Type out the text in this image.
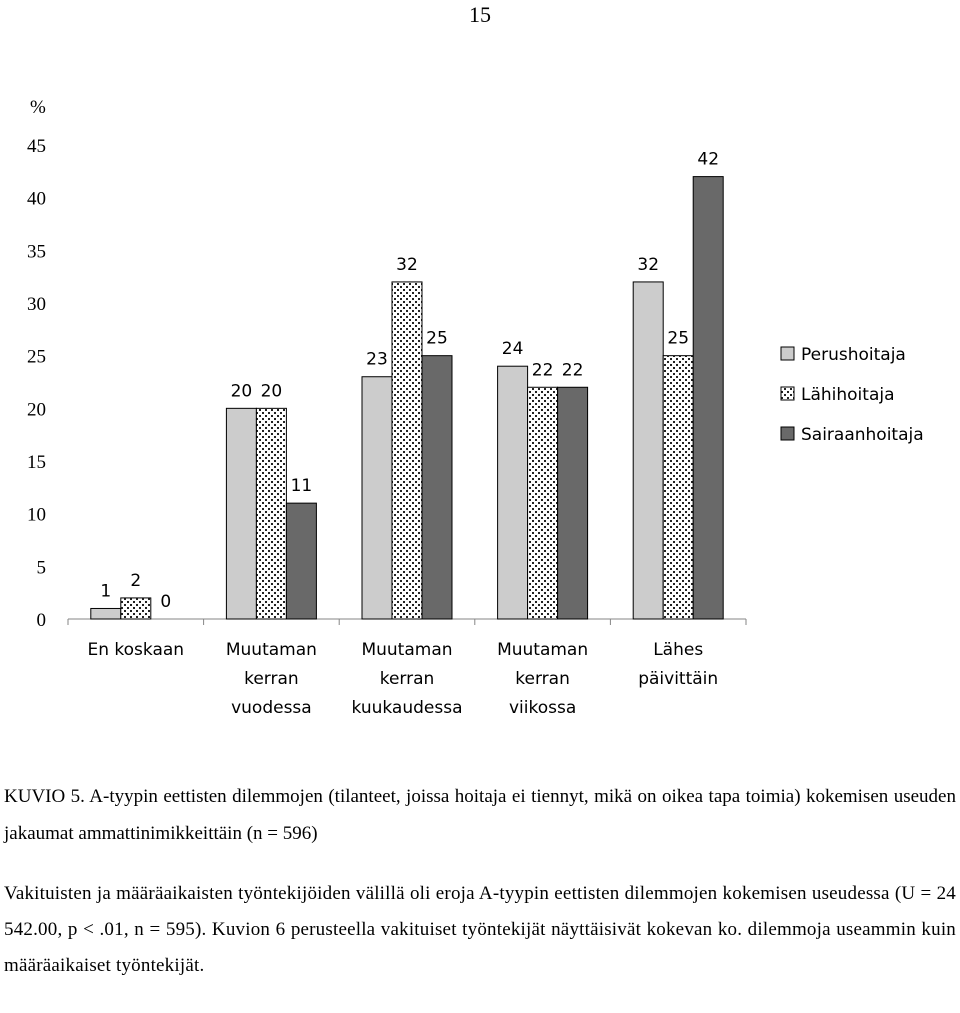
15
%
0
5
10
15
20
25
30
35
40
45
1
20
23
24
32
2
20
32
22
25
0
11
25
22
42
En koskaan Muutaman
kerran
vuodessa
Muutaman
kerran
kuukaudessa
Muutaman
kerran
viikossa
Lähes
päivittäin
Perushoitaja
Lähihoitaja
Sairaanhoitaja

KUVIO 5. A-tyypin eettisten dilemmojen (tilanteet, joissa hoitaja ei tiennyt, mikä on oikea tapa toimia) kokemisen useuden jakaumat ammattinimikkeittäin (n = 596)

Vakituisten ja määräaikaisten työntekijöiden välillä oli eroja A-tyypin eettisten dilemmojen kokemisen useudessa (U = 24 542.00, p < .01, n = 595). Kuvion 6 perusteella vakituiset työntekijät näyttäisivät kokevan ko. dilemmoja useammin kuin määräaikaiset työntekijät.
